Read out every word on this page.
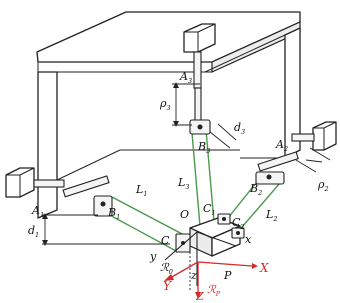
$A_3$
$\rho_3$
$d_3$
$B_3$	$A_2$
$\rho_2$
$B_2$
$L_3$
$L_1$
$L_2$
$A_1$	$B_1$
$d_1$
O $C_1$
$C_2$
C	x
y
ℛ$_0$ z P
X
Y
Z
ℛ$_P$
